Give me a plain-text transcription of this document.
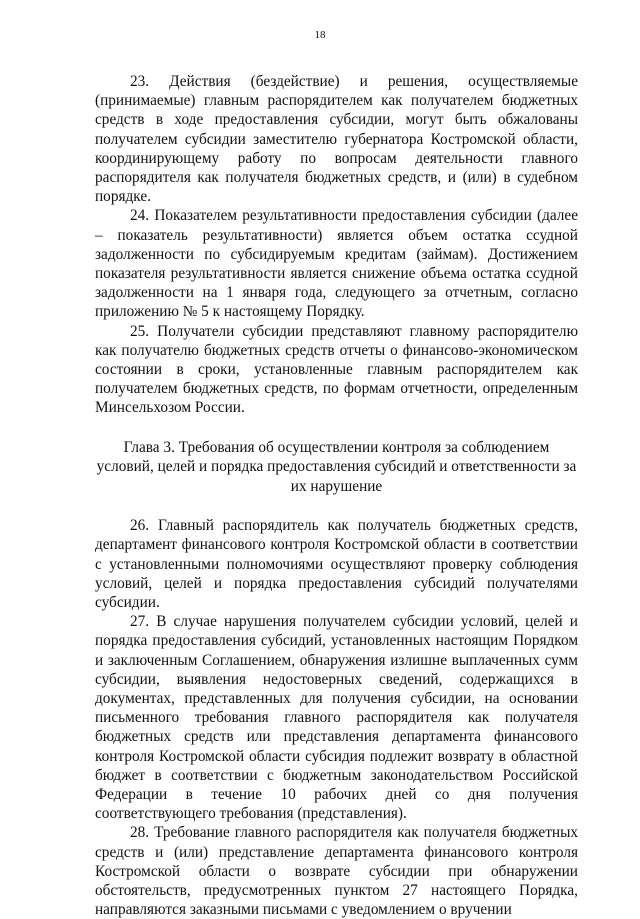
18

23. Действия (бездействие) и решения, осуществляемые (принимаемые) главным распорядителем как получателем бюджетных средств в ходе предоставления субсидии, могут быть обжалованы получателем субсидии заместителю губернатора Костромской области, координирующему работу по вопросам деятельности главного распорядителя как получателя бюджетных средств, и (или) в судебном порядке.

24. Показателем результативности предоставления субсидии (далее – показатель результативности) является объем остатка ссудной задолженности по субсидируемым кредитам (займам). Достижением показателя результативности является снижение объема остатка ссудной задолженности на 1 января года, следующего за отчетным, согласно приложению № 5 к настоящему Порядку.

25. Получатели субсидии представляют главному распорядителю как получателю бюджетных средств отчеты о финансово-экономическом состоянии в сроки, установленные главным распорядителем как получателем бюджетных средств, по формам отчетности, определенным Минсельхозом России.

Глава 3. Требования об осуществлении контроля за соблюдением условий, целей и порядка предоставления субсидий и ответственности за их нарушение

26. Главный распорядитель как получатель бюджетных средств, департамент финансового контроля Костромской области в соответствии с установленными полномочиями осуществляют проверку соблюдения условий, целей и порядка предоставления субсидий получателями субсидии.

27. В случае нарушения получателем субсидии условий, целей и порядка предоставления субсидий, установленных настоящим Порядком и заключенным Соглашением, обнаружения излишне выплаченных сумм субсидии, выявления недостоверных сведений, содержащихся в документах, представленных для получения субсидии, на основании письменного требования главного распорядителя как получателя бюджетных средств или представления департамента финансового контроля Костромской области субсидия подлежит возврату в областной бюджет в соответствии с бюджетным законодательством Российской Федерации в течение 10 рабочих дней со дня получения соответствующего требования (представления).

28. Требование главного распорядителя как получателя бюджетных средств и (или) представление департамента финансового контроля Костромской области о возврате субсидии при обнаружении обстоятельств, предусмотренных пунктом 27 настоящего Порядка, направляются заказными письмами с уведомлением о вручении
